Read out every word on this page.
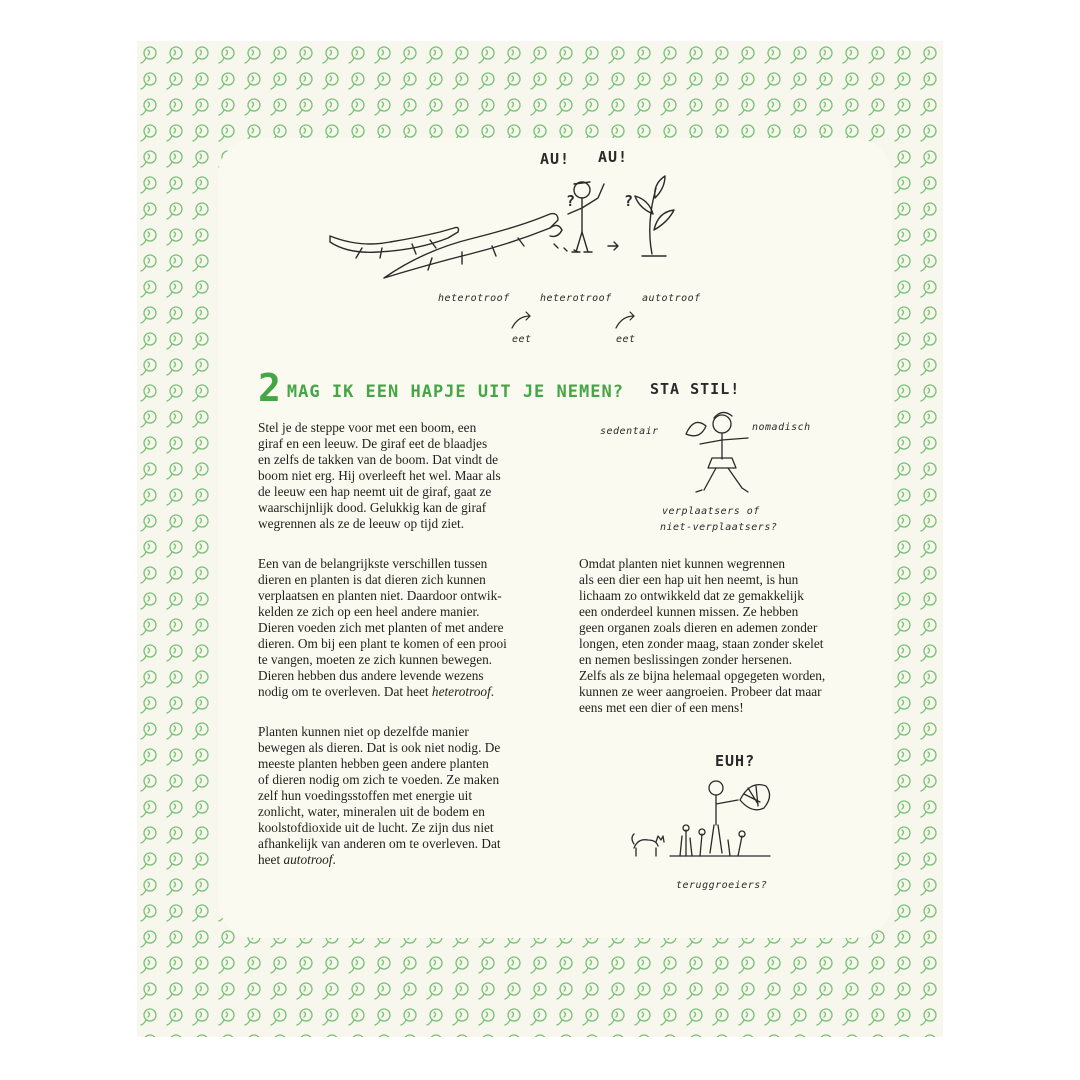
AU! AU!
?	?
heterotroof	heterotroof	autotroof
eet	eet
2 MAG IK EEN HAPJE UIT JE NEMEN?

Stel je de steppe voor met een boom, een
giraf en een leeuw. De giraf eet de blaadjes
en zelfs de takken van de boom. Dat vindt de
boom niet erg. Hij overleeft het wel. Maar als
de leeuw een hap neemt uit de giraf, gaat ze
waarschijnlijk dood. Gelukkig kan de giraf
wegrennen als ze de leeuw op tijd ziet.

Een van de belangrijkste verschillen tussen
dieren en planten is dat dieren zich kunnen
verplaatsen en planten niet. Daardoor ontwik-
kelden ze zich op een heel andere manier.
Dieren voeden zich met planten of met andere
dieren. Om bij een plant te komen of een prooi
te vangen, moeten ze zich kunnen bewegen.
Dieren hebben dus andere levende wezens
nodig om te overleven. Dat heet heterotroof.

Planten kunnen niet op dezelfde manier
bewegen als dieren. Dat is ook niet nodig. De
meeste planten hebben geen andere planten
of dieren nodig om zich te voeden. Ze maken
zelf hun voedingsstoffen met energie uit
zonlicht, water, mineralen uit de bodem en
koolstofdioxide uit de lucht. Ze zijn dus niet
afhankelijk van anderen om te overleven. Dat
heet autotroof.

STA STIL!
sedentair	nomadisch
verplaatsers of
niet-verplaatsers?

Omdat planten niet kunnen wegrennen
als een dier een hap uit hen neemt, is hun
lichaam zo ontwikkeld dat ze gemakkelijk
een onderdeel kunnen missen. Ze hebben
geen organen zoals dieren en ademen zonder
longen, eten zonder maag, staan zonder skelet
en nemen beslissingen zonder hersenen.
Zelfs als ze bijna helemaal opgegeten worden,
kunnen ze weer aangroeien. Probeer dat maar
eens met een dier of een mens!

EUH?
teruggroeiers?
